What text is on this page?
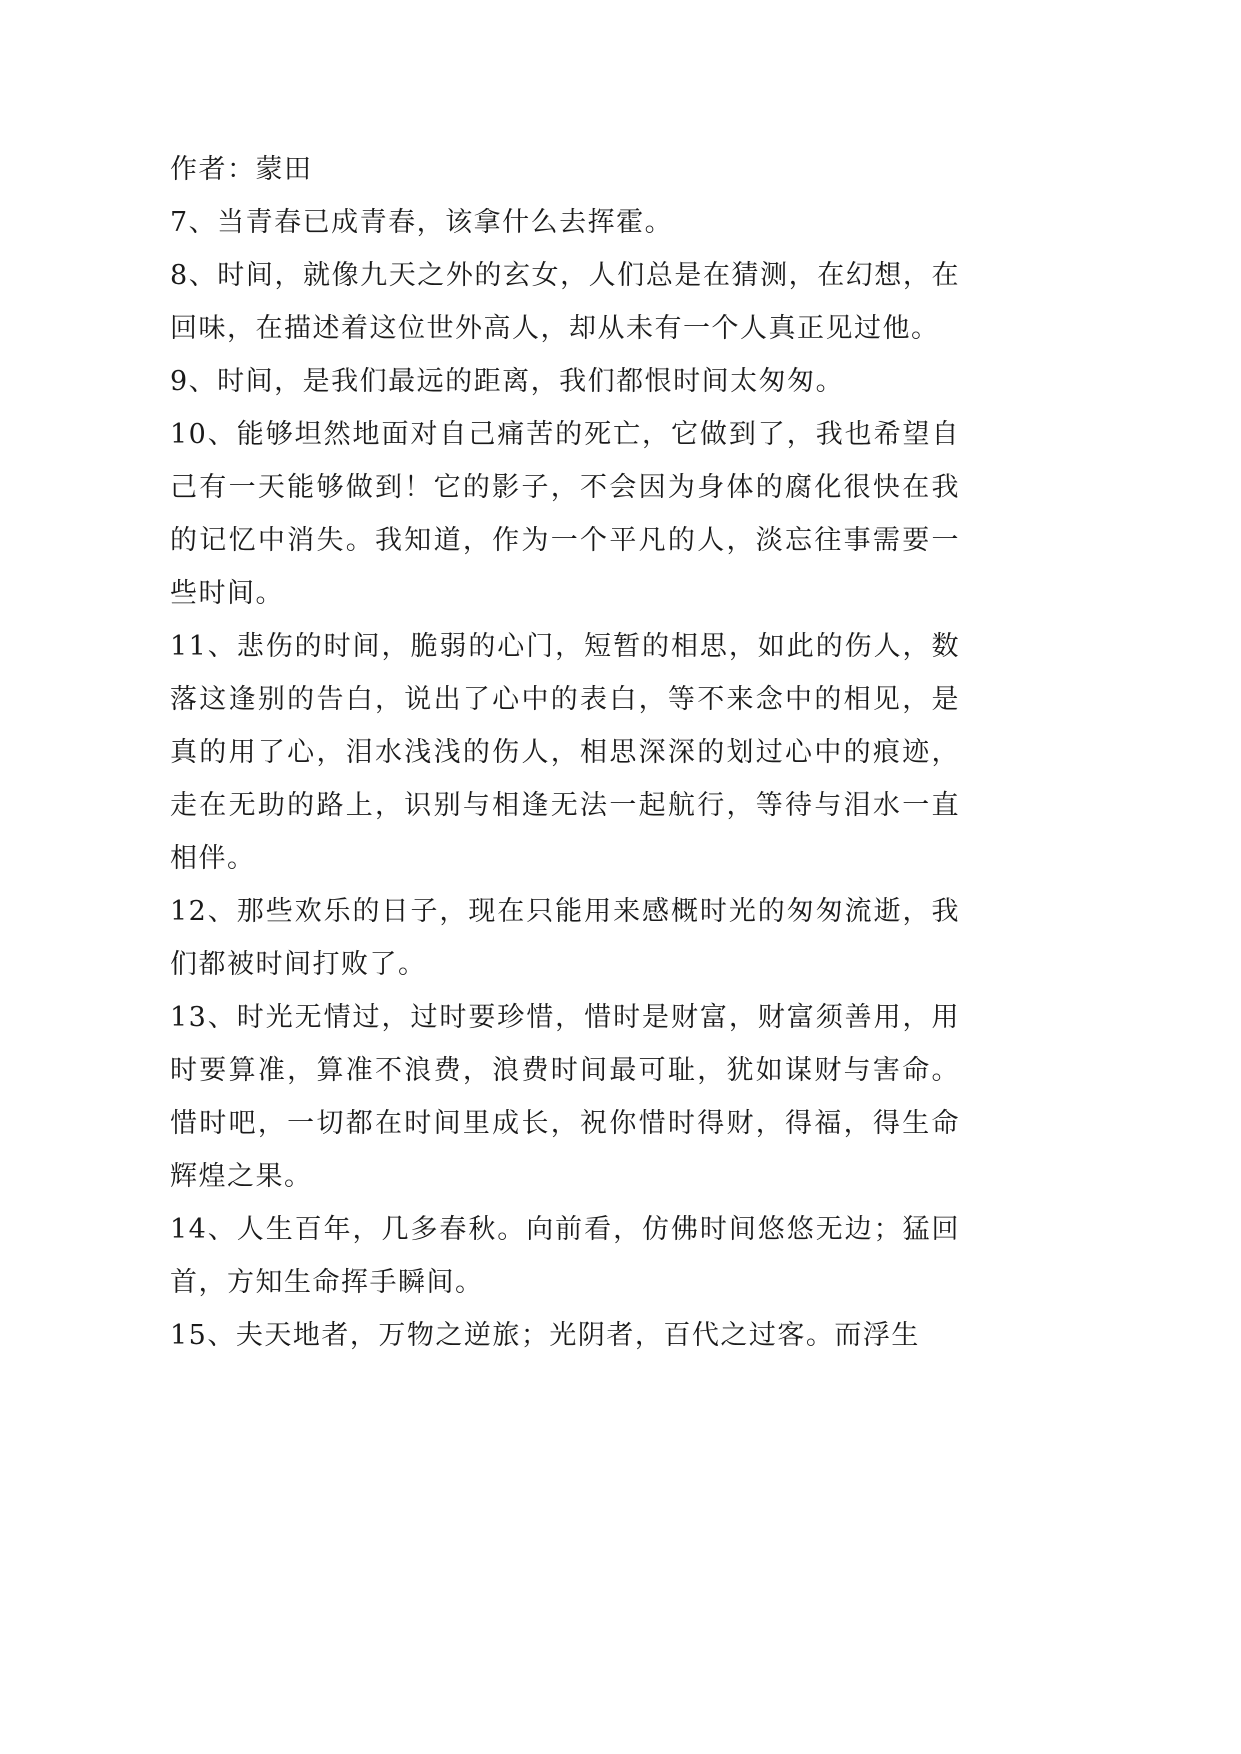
作者：蒙田

7、当青春已成青春，该拿什么去挥霍。

8、时间，就像九天之外的玄女，人们总是在猜测，在幻想，在回味，在描述着这位世外高人，却从未有一个人真正见过他。

9、时间，是我们最远的距离，我们都恨时间太匆匆。

10、能够坦然地面对自己痛苦的死亡，它做到了，我也希望自己有一天能够做到！它的影子，不会因为身体的腐化很快在我的记忆中消失。我知道，作为一个平凡的人，淡忘往事需要一些时间。

11、悲伤的时间，脆弱的心门，短暂的相思，如此的伤人，数落这逢别的告白，说出了心中的表白，等不来念中的相见，是真的用了心，泪水浅浅的伤人，相思深深的划过心中的痕迹，走在无助的路上，识别与相逢无法一起航行，等待与泪水一直相伴。

12、那些欢乐的日子，现在只能用来感概时光的匆匆流逝，我们都被时间打败了。

13、时光无情过，过时要珍惜，惜时是财富，财富须善用，用时要算准，算准不浪费，浪费时间最可耻，犹如谋财与害命。惜时吧，一切都在时间里成长，祝你惜时得财，得福，得生命辉煌之果。

14、人生百年，几多春秋。向前看，仿佛时间悠悠无边；猛回首，方知生命挥手瞬间。

15、夫天地者，万物之逆旅；光阴者，百代之过客。而浮生
